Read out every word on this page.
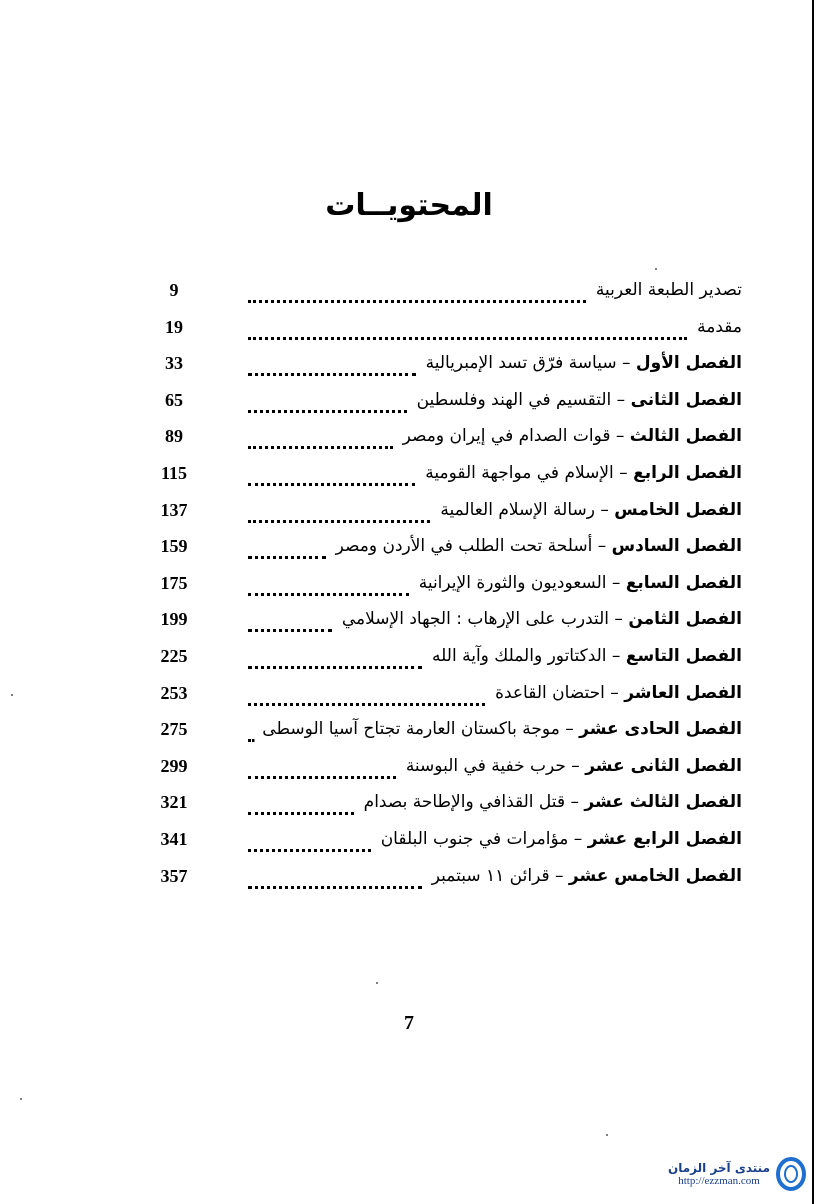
المحتويــات
9	تصدير الطبعة العربية
19	مقدمة
33	الفصل الأول – سياسة فرّق تسد الإمبريالية
65	الفصل الثانى – التقسيم في الهند وفلسطين
89	الفصل الثالث – قوات الصدام في إيران ومصر
115	الفصل الرابع – الإسلام في مواجهة القومية
137	الفصل الخامس – رسالة الإسلام العالمية
159	الفصل السادس – أسلحة تحت الطلب في الأردن ومصر
175	الفصل السابع – السعوديون والثورة الإيرانية
199	الفصل الثامن – التدرب على الإرهاب : الجهاد الإسلامي
225	الفصل التاسع – الدكتاتور والملك وآية الله
253	الفصل العاشر – احتضان القاعدة
275	الفصل الحادى عشر – موجة باكستان العارمة تجتاح آسيا الوسطى
299	الفصل الثانى عشر – حرب خفية في البوسنة
321	الفصل الثالث عشر – قتل القذافي والإطاحة بصدام
341	الفصل الرابع عشر – مؤامرات في جنوب البلقان
357	الفصل الخامس عشر – قرائن ١١ سبتمبر
7
منتدى آخر الزمان
http://ezzman.com
